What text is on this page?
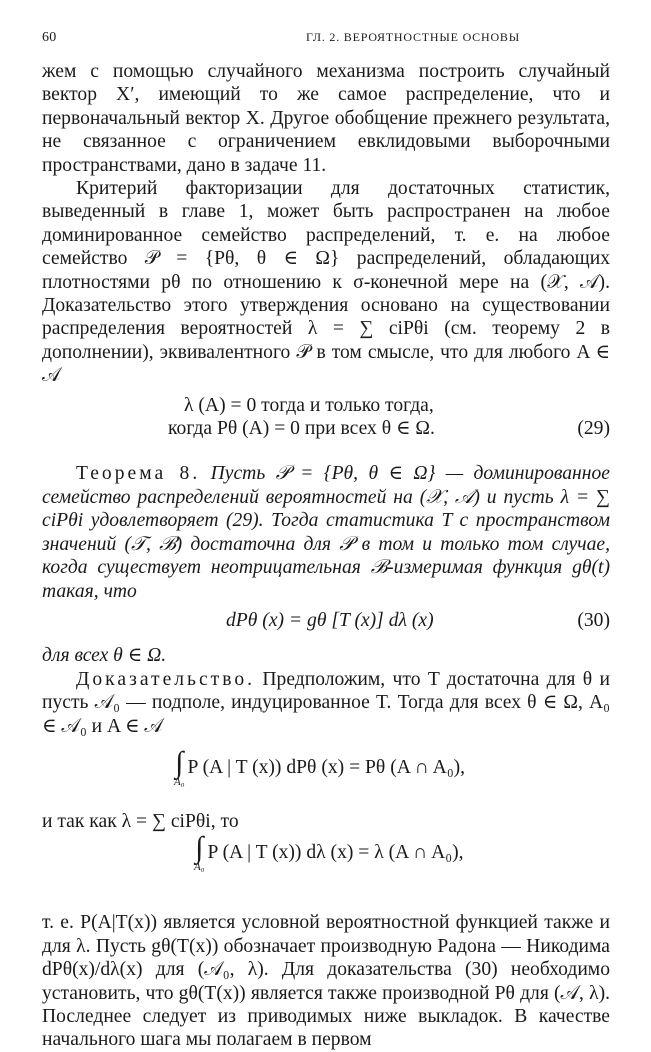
60	ГЛ. 2. ВЕРОЯТНОСТНЫЕ ОСНОВЫ

жем с помощью случайного механизма построить случайный вектор X′, имеющий то же самое распределение, что и первоначальный вектор X. Другое обобщение прежнего результата, не связанное с ограничением евклидовыми выборочными пространствами, дано в задаче 11.

Критерий факторизации для достаточных статистик, выведенный в главе 1, может быть распространен на любое доминированное семейство распределений, т. е. на любое семейство 𝒫 = {Pθ, θ ∈ Ω} распределений, обладающих плотностями pθ по отношению к σ-конечной мере на (𝒳, 𝒜). Доказательство этого утверждения основано на существовании распределения вероятностей λ = ∑ ciPθi (см. теорему 2 в дополнении), эквивалентного 𝒫 в том смысле, что для любого A ∈ 𝒜

λ (A) = 0 тогда и только тогда,
когда Pθ (A) = 0 при всех θ ∈ Ω.	(29)

Теорема 8. Пусть 𝒫 = {Pθ, θ ∈ Ω} — доминированное семейство распределений вероятностей на (𝒳, 𝒜) и пусть λ = ∑ ciPθi удовлетворяет (29). Тогда статистика T с пространством значений (𝒯, ℬ) достаточна для 𝒫 в том и только том случае, когда существует неотрицательная ℬ-измеримая функция gθ(t) такая, что

dPθ (x) = gθ [T (x)] dλ (x)	(30)

для всех θ ∈ Ω.

Доказательство. Предположим, что T достаточна для θ и пусть 𝒜₀ — подполе, индуцированное T. Тогда для всех θ ∈ Ω, A₀ ∈ 𝒜₀ и A ∈ 𝒜

∫
A₀
P (A | T (x)) dPθ (x) = Pθ (A ∩ A₀),

и так как λ = ∑ ciPθi, то

∫
A₀
P (A | T (x)) dλ (x) = λ (A ∩ A₀),

т. е. P(A|T(x)) является условной вероятностной функцией также и для λ. Пусть gθ(T(x)) обозначает производную Радона — Никодима dPθ(x)/dλ(x) для (𝒜₀, λ). Для доказательства (30) необходимо установить, что gθ(T(x)) является также производной Pθ для (𝒜, λ). Последнее следует из приводимых ниже выкладок. В качестве начального шага мы полагаем в первом
